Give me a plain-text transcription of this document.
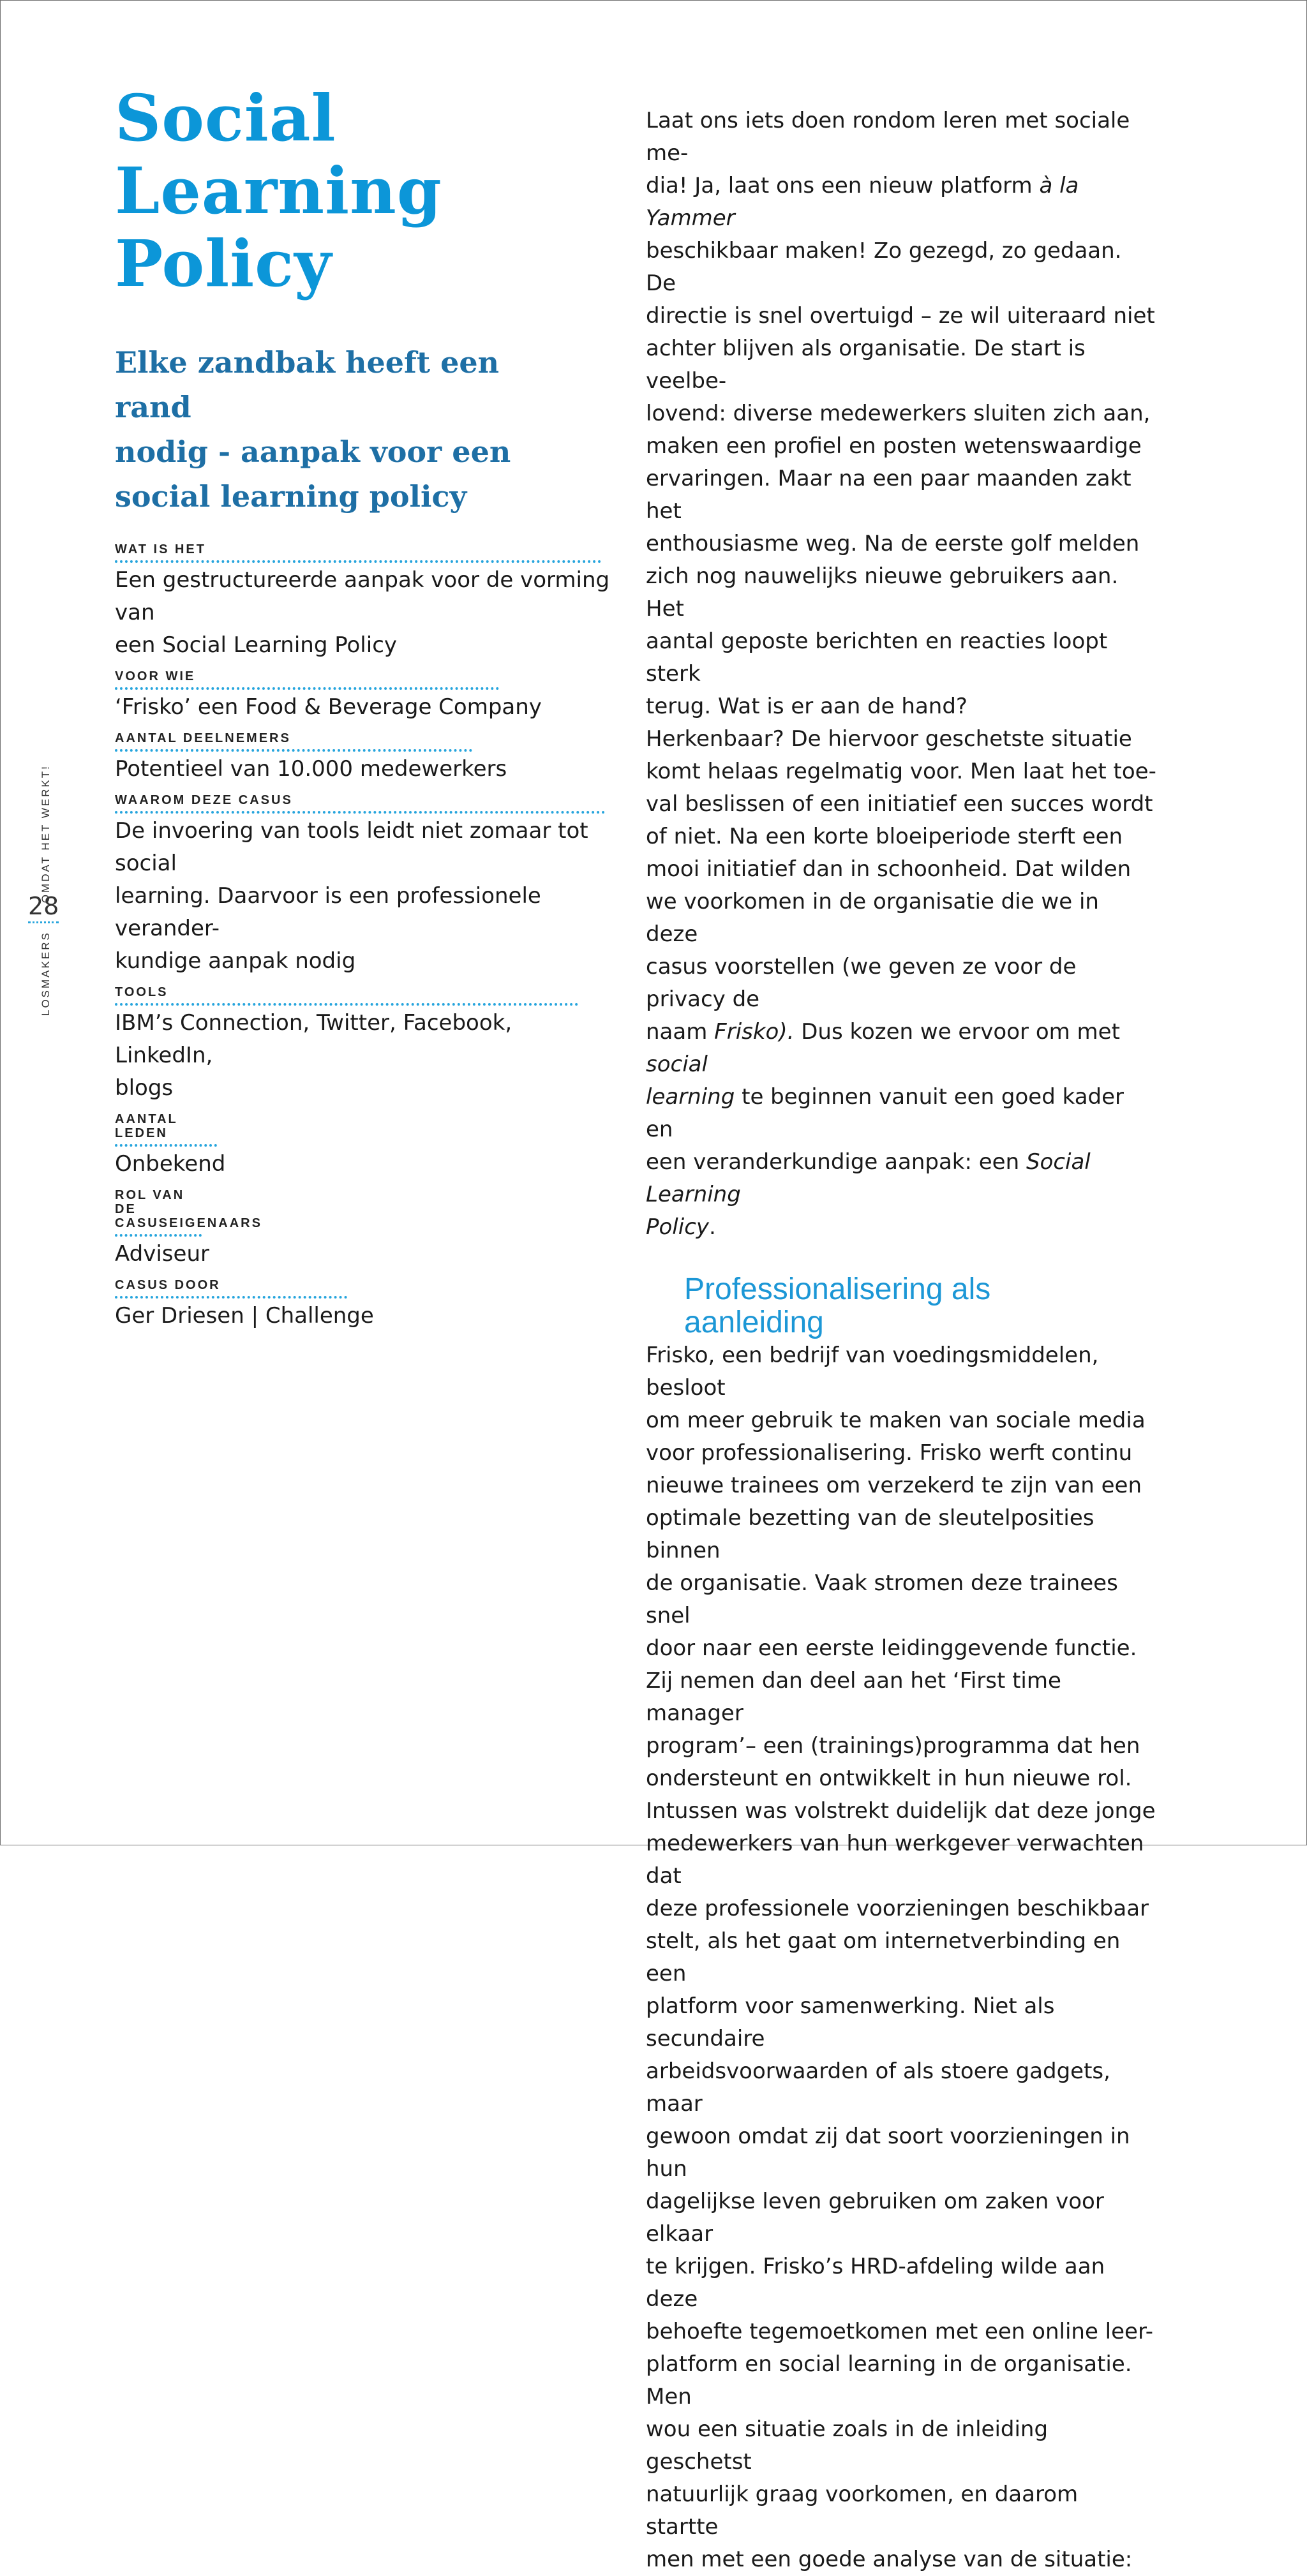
Social
Learning
Policy
Elke zandbak heeft een rand
nodig - aanpak voor een
social learning policy
WAT IS HET
Een gestructureerde aanpak voor de vorming van
een Social Learning Policy
VOOR WIE
‘Frisko’ een Food & Beverage Company
AANTAL DEELNEMERS
Potentieel van 10.000 medewerkers
WAAROM DEZE CASUS
De invoering van tools leidt niet zomaar tot social
learning. Daarvoor is een professionele verander-
kundige aanpak nodig
TOOLS
IBM’s Connection, Twitter, Facebook, LinkedIn,
blogs
AANTAL LEDEN
Onbekend
ROL VAN DE CASUSEIGENAARS
Adviseur
CASUS DOOR
Ger Driesen | Challenge
LOSMAKERSOMDAT HET WERKT!
28

Laat ons iets doen rondom leren met sociale me-
dia! Ja, laat ons een nieuw platform à la Yammer
beschikbaar maken! Zo gezegd, zo gedaan. De
directie is snel overtuigd – ze wil uiteraard niet
achter blijven als organisatie. De start is veelbe-
lovend: diverse medewerkers sluiten zich aan,
maken een profiel en posten wetenswaardige
ervaringen. Maar na een paar maanden zakt het
enthousiasme weg. Na de eerste golf melden
zich nog nauwelijks nieuwe gebruikers aan. Het
aantal geposte berichten en reacties loopt sterk
terug. Wat is er aan de hand?
Herkenbaar? De hiervoor geschetste situatie
komt helaas regelmatig voor. Men laat het toe-
val beslissen of een initiatief een succes wordt
of niet. Na een korte bloeiperiode sterft een
mooi initiatief dan in schoonheid. Dat wilden
we voorkomen in de organisatie die we in deze
casus voorstellen (we geven ze voor de privacy de
naam Frisko). Dus kozen we ervoor om met social
learning te beginnen vanuit een goed kader en
een veranderkundige aanpak: een Social Learning
Policy.

Professionalisering als
aanleiding

Frisko, een bedrijf van voedingsmiddelen, besloot
om meer gebruik te maken van sociale media
voor professionalisering. Frisko werft continu
nieuwe trainees om verzekerd te zijn van een
optimale bezetting van de sleutelposities binnen
de organisatie. Vaak stromen deze trainees snel
door naar een eerste leidinggevende functie.
Zij nemen dan deel aan het ‘First time manager
program’– een (trainings)programma dat hen
ondersteunt en ontwikkelt in hun nieuwe rol.
Intussen was volstrekt duidelijk dat deze jonge
medewerkers van hun werkgever verwachten dat
deze professionele voorzieningen beschikbaar
stelt, als het gaat om internetverbinding en een
platform voor samenwerking. Niet als secundaire
arbeidsvoorwaarden of als stoere gadgets, maar
gewoon omdat zij dat soort voorzieningen in hun
dagelijkse leven gebruiken om zaken voor elkaar
te krijgen. Frisko’s HRD-afdeling wilde aan deze
behoefte tegemoetkomen met een online leer-
platform en social learning in de organisatie. Men
wou een situatie zoals in de inleiding geschetst
natuurlijk graag voorkomen, en daarom startte
men met een goede analyse van de situatie:
